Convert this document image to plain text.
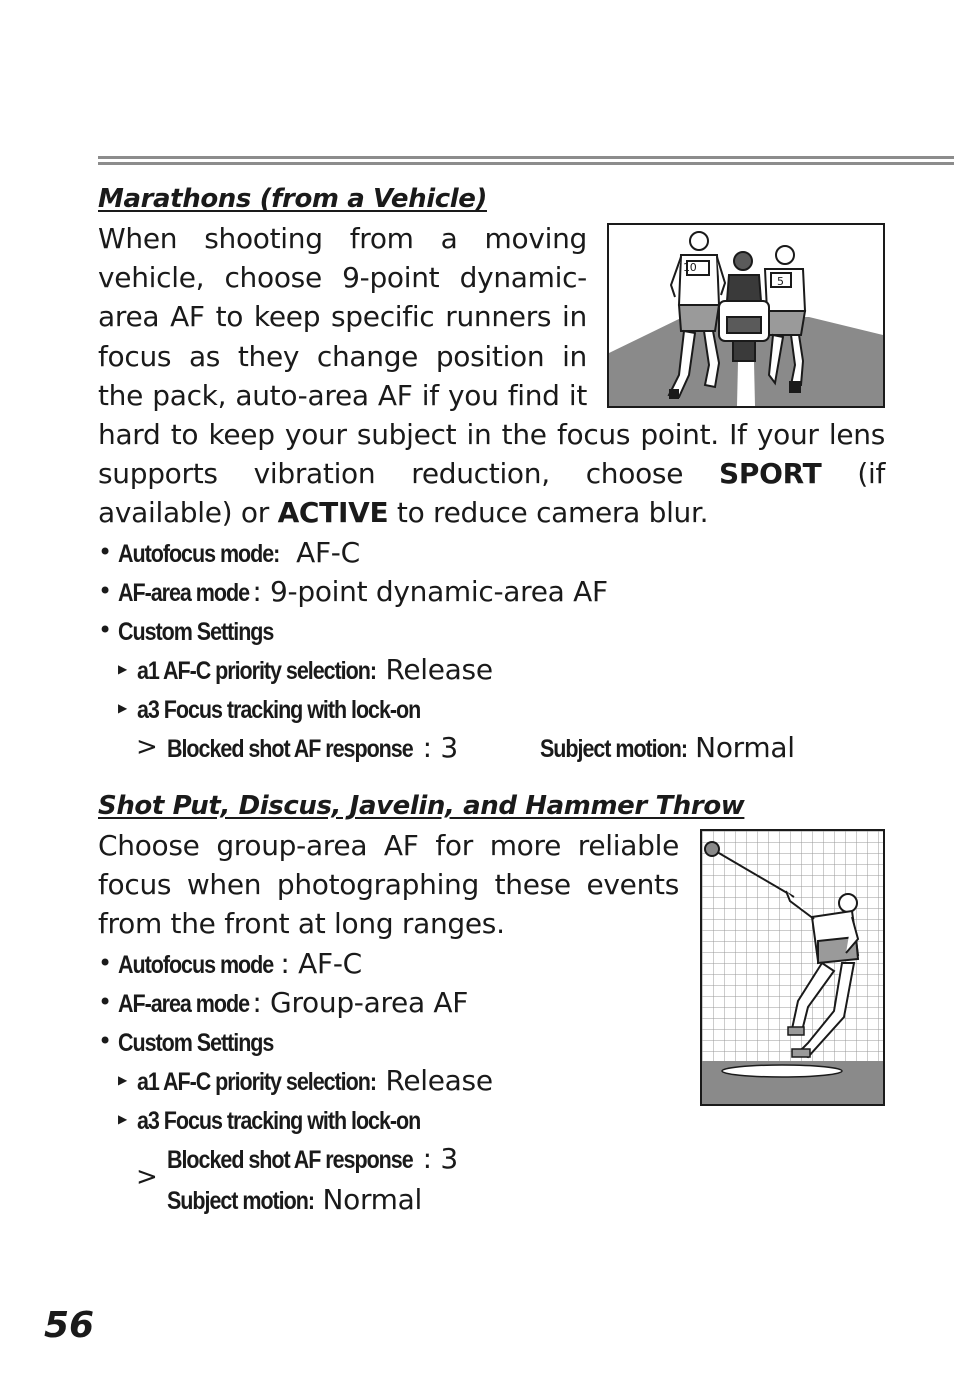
Marathons (from a Vehicle)
10
5
When shooting from a moving vehicle, choose 9-point dynamic-area AF to keep specific runners in focus as they change position in the pack, auto-area AF if you find it hard to keep your subject in the focus point. If your lens supports vibration reduction, choose SPORT (if available) or ACTIVE to reduce camera blur.
• Autofocus mode: AF-C
• AF-area mode : 9-point dynamic-area AF
• Custom Settings
▶ a1 AF-C priority selection: Release
▶ a3 Focus tracking with lock-on
> Blocked shot AF response : 3	Subject motion: Normal
Shot Put, Discus, Javelin, and Hammer Throw
Choose group-area AF for more reliable focus when photographing these events from the front at long ranges.
• Autofocus mode : AF-C
• AF-area mode : Group-area AF
• Custom Settings
▶ a1 AF-C priority selection: Release
▶ a3 Focus tracking with lock-on
>
Blocked shot AF response : 3
Subject motion: Normal
56
